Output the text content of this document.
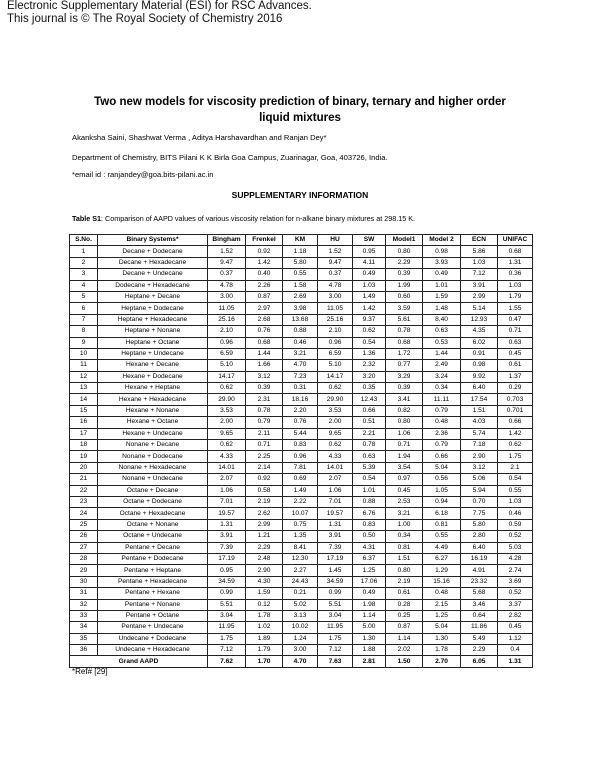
Electronic Supplementary Material (ESI) for RSC Advances.
This journal is © The Royal Society of Chemistry 2016
Two new models for viscosity prediction of binary, ternary and higher order
liquid mixtures
Akanksha Saini, Shashwat Verma , Aditya Harshavardhan and Ranjan Dey*
Department of Chemistry, BITS Pilani K K Birla Goa Campus, Zuarinagar, Goa, 403726, India.
*email id : ranjandey@goa.bits-pilani.ac.in
SUPPLEMENTARY INFORMATION
Table S1: Comparison of AAPD values of various viscosity relation for n-alkane binary mixtures at 298.15 K.
S.No.	Binary Systems*	Bingham	Frenkel	KM	HU	SW	Model1	Model 2	ECN	UNIFAC
1	Decane + Dodecane	1.52	0.92	1.18	1.52	0.95	0.80	0.98	5.86	0.68
2	Decane + Hexadecane	9.47	1.42	5.80	9.47	4.11	2.29	3.93	1.03	1.31
3	Decane + Undecane	0.37	0.40	0.55	0.37	0.49	0.39	0.49	7.12	0.36
4	Dodecane + Hexadecane	4.78	2.26	1.58	4.78	1.03	1.99	1.01	3.91	1.03
5	Heptane + Decane	3.00	0.87	2.69	3.00	1.49	0.60	1.59	2.99	1.79
6	Heptane + Dodecane	11.05	2.97	3.98	11.05	1.42	3.59	1.48	5.14	1.55
7	Heptane + Hexadecane	25.16	2.68	13.68	25.16	9.37	5.61	8.40	12.93	0.47
8	Heptane + Nonane	2.10	0.76	0.88	2.10	0.62	0.78	0.63	4.35	0.71
9	Heptane + Octane	0.96	0.68	0.46	0.96	0.54	0.68	0.53	6.02	0.63
10	Heptane + Undecane	6.59	1.44	3.21	6.59	1.36	1.72	1.44	0.91	0.45
11	Hexane + Decane	5.10	1.66	4.70	5.10	2.32	0.77	2.49	0.98	0.61
12	Hexane + Dodecane	14.17	3.12	7.23	14.17	3.20	3.29	3.24	9.92	1.37
13	Hexane + Heptane	0.62	0.39	0.31	0.62	0.35	0.39	0.34	6.40	0.29
14	Hexane + Hexadecane	29.90	2.31	18.16	29.90	12.43	3.41	11.11	17.54	0.703
15	Hexane + Nonane	3.53	0.78	2.20	3.53	0.66	0.82	0.79	1.51	0.701
16	Hexane + Octane	2.00	0.79	0.76	2.00	0.51	0.80	0.48	4.03	0.66
17	Hexane + Undecane	9.65	2.11	5.44	9.65	2.21	1.06	2.36	5.74	1.42
18	Nonane + Decane	0.62	0.71	0.83	0.62	0.78	0.71	0.79	7.18	0.62
19	Nonane + Dodecane	4.33	2.25	0.96	4.33	0.63	1.94	0.66	2.90	1.75
20	Nonane + Hexadecane	14.01	2.14	7.81	14.01	5.39	3.54	5.04	3.12	2.1
21	Nonane + Undecane	2.07	0.92	0.69	2.07	0.54	0.97	0.56	5.06	0.54
22	Octane + Decane	1.06	0.58	1.49	1.06	1.01	0.45	1.05	5.94	0.55
23	Octane + Dodecane	7.01	2.19	2.22	7.01	0.88	2.53	0.94	0.70	1.03
24	Octane + Hexadecane	19.57	2.62	10.07	19.57	6.76	3.21	6.18	7.75	0.46
25	Octane + Nonane	1.31	2.99	0.75	1.31	0.83	1.00	0.81	5.80	0.59
26	Octane + Undecane	3.91	1.21	1.35	3.91	0.50	0.34	0.55	2.80	0.52
27	Pentane + Decane	7.39	2.29	8.41	7.39	4.31	0.81	4.49	6.40	5.03
28	Pentane + Dodecane	17.19	2.48	12.30	17.19	6.37	1.51	6.27	16.19	4.28
29	Pentane + Heptane	0.95	2.90	2.27	1.45	1.25	0.80	1.29	4.91	2.74
30	Pentane + Hexadecane	34.59	4.30	24.43	34.59	17.06	2.19	15.16	23.32	3.69
31	Pentane + Hexane	0.99	1.59	0.21	0.99	0.49	0.61	0.48	5.68	0.52
32	Pentane + Nonane	5.51	0.12	5.02	5.51	1.98	0.28	2.15	3.46	3.37
33	Pentane + Octane	3.04	1.78	3.13	3.04	1.14	0.25	1.25	0.64	2.82
34	Pentane + Undecane	11.95	1.02	10.02	11.95	5.00	0.87	5.04	11.86	0.45
35	Undecane + Dodecane	1.75	1.89	1.24	1.75	1.30	1.14	1.30	5.49	1.12
36	Undecane + Hexadecane	7.12	1.79	3.00	7.12	1.88	2.02	1.78	2.29	0.4
Grand AAPD		7.62	1.70	4.70	7.63	2.81	1.50	2.70	6.05	1.31
*Ref# [29]
